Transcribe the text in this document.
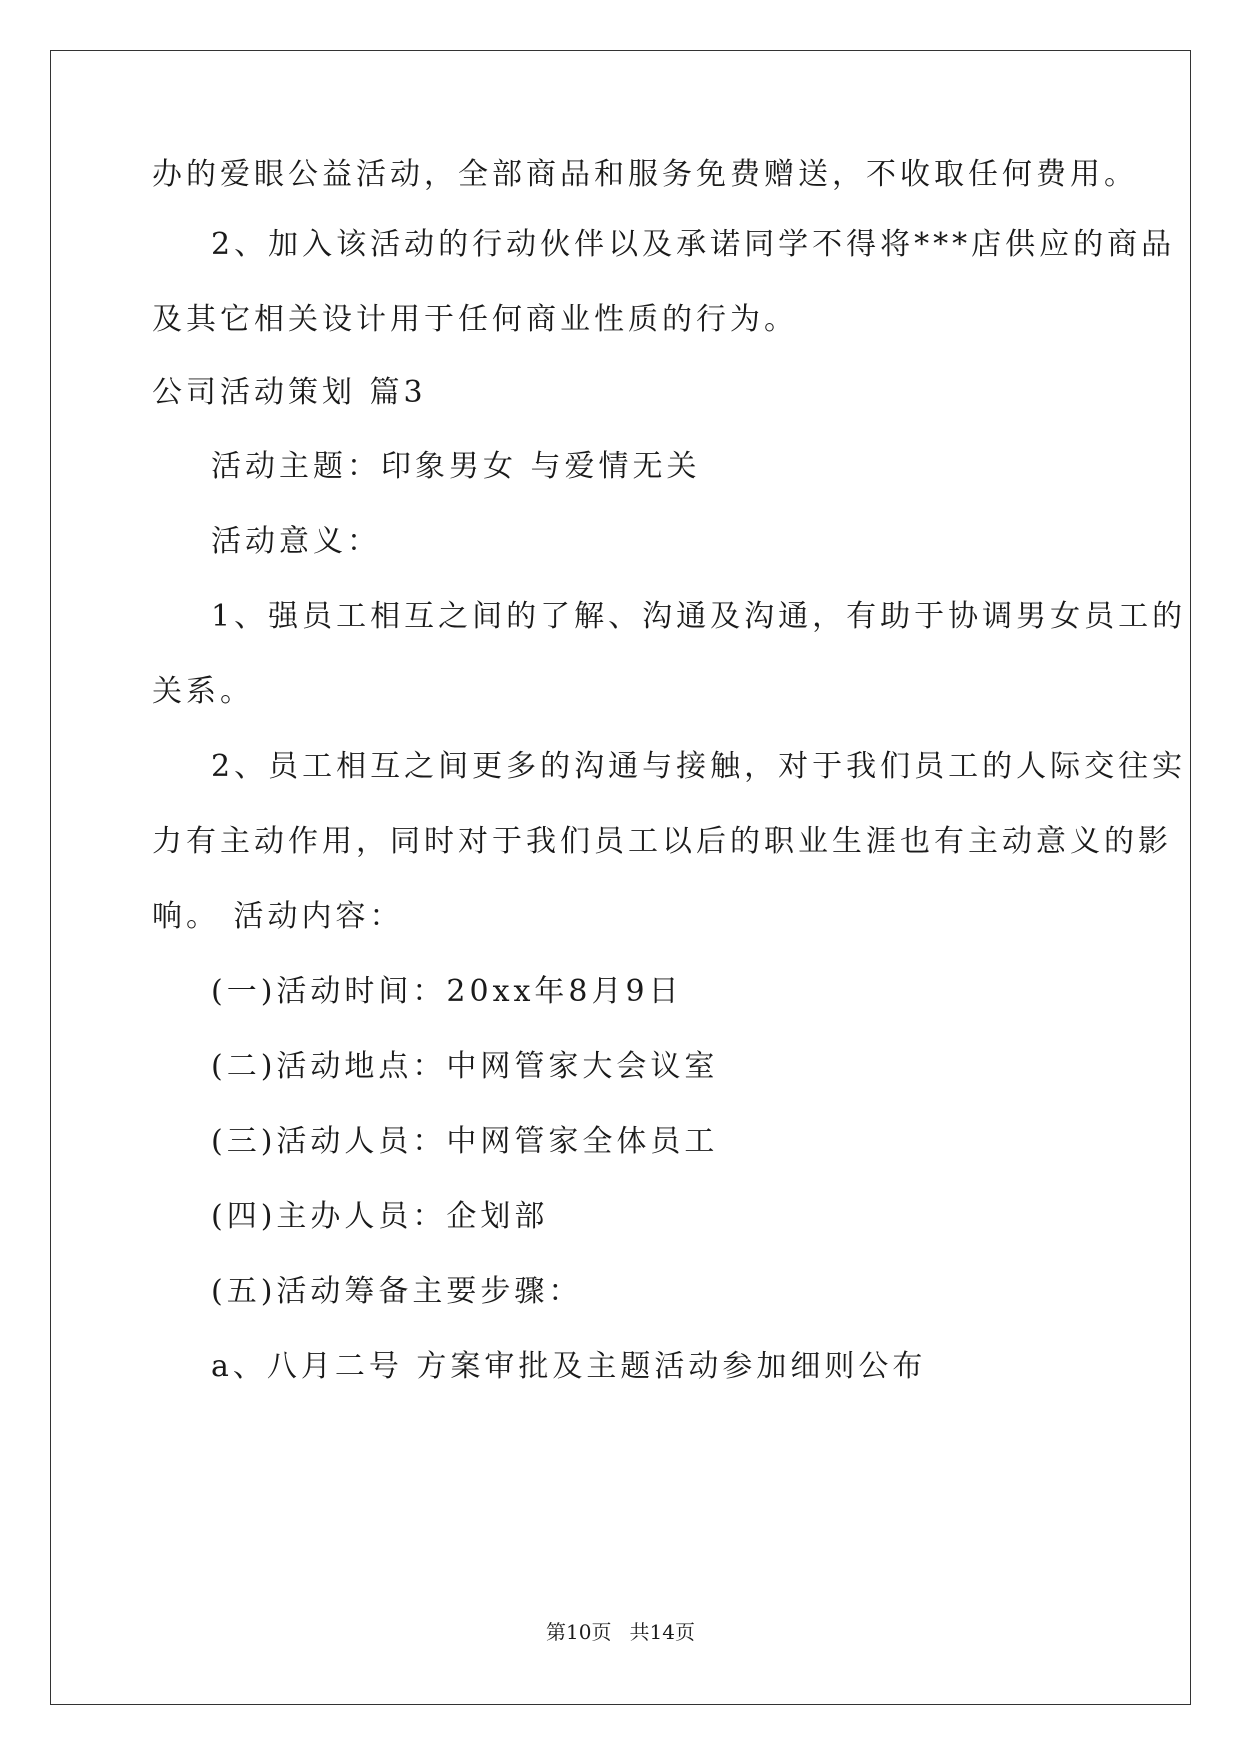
办的爱眼公益活动，全部商品和服务免费赠送，不收取任何费用。
2、加入该活动的行动伙伴以及承诺同学不得将***店供应的商品
及其它相关设计用于任何商业性质的行为。
公司活动策划 篇3
活动主题：印象男女 与爱情无关
活动意义：
1、强员工相互之间的了解、沟通及沟通，有助于协调男女员工的
关系。
2、员工相互之间更多的沟通与接触，对于我们员工的人际交往实
力有主动作用，同时对于我们员工以后的职业生涯也有主动意义的影
响。 活动内容：
(一)活动时间：20xx年8月9日
(二)活动地点：中网管家大会议室
(三)活动人员：中网管家全体员工
(四)主办人员：企划部
(五)活动筹备主要步骤：
a、八月二号 方案审批及主题活动参加细则公布
第10页 共14页
